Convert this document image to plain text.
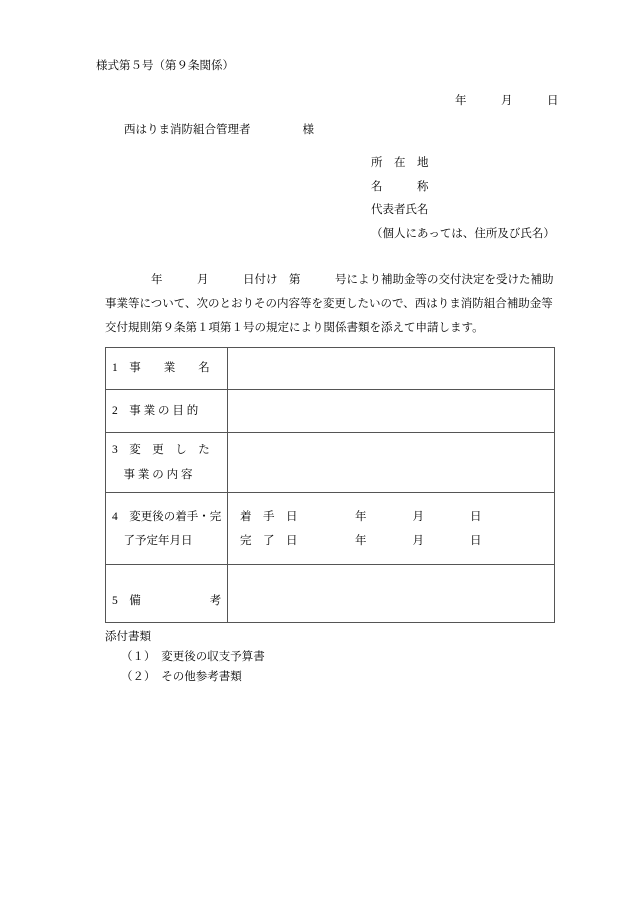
様式第５号（第９条関係）
年　　　月　　　日
西はりま消防組合管理者	様
所　在　地
名　　　称
代表者氏名
（個人にあっては、住所及び氏名）

　　　　年　　　月　　　日付け　第　　　号により補助金等の交付決定を受けた補助事業等について、次のとおりその内容等を変更したいので、西はりま消防組合補助金等交付規則第９条第１項第１号の規定により関係書類を添えて申請します。

1　 事　　業　　名	

2　 事 業 の 目 的	

3　 変　更　し　た
　事 業 の 内 容	

4　 変更後の着手・完
　了予定年月日

着　手　日　　　　　年　　　　月　　　　日
完　了　日　　　　　年　　　　月　　　　日

5　 備　　　　　　考	

添付書類
（１）　変更後の収支予算書
（２）　その他参考書類
